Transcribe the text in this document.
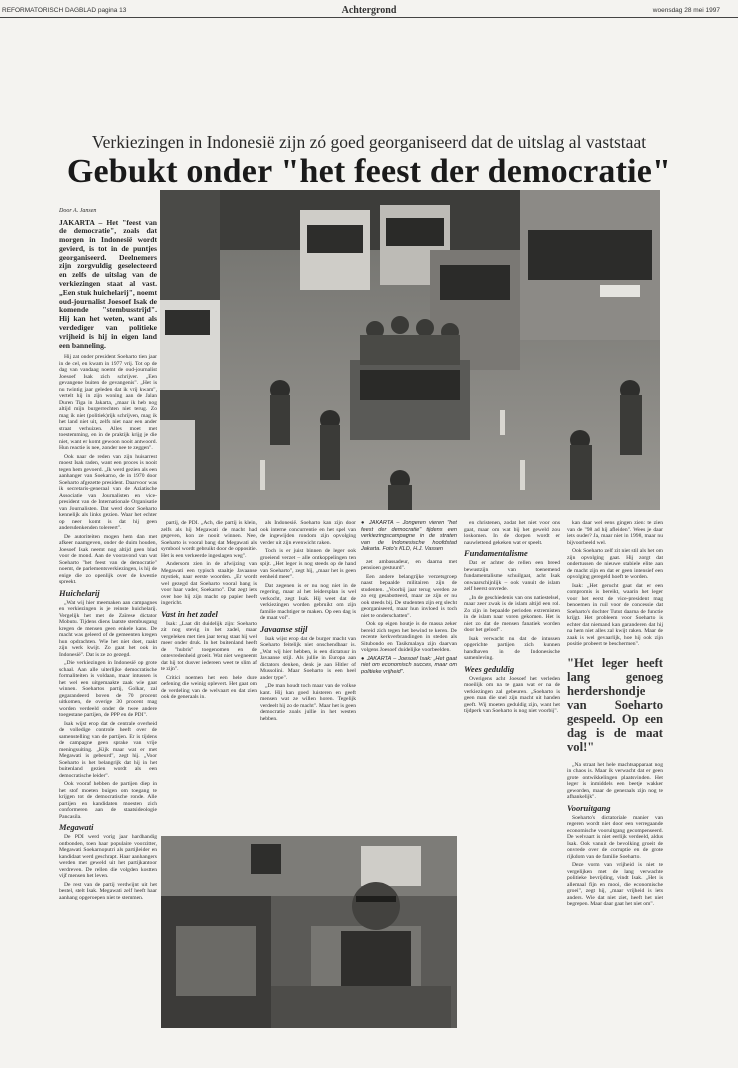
REFORMATORISCH DAGBLAD pagina 13	Achtergrond	woensdag 28 mei 1997
Verkiezingen in Indonesië zijn zó goed georganiseerd dat de uitslag al vaststaat
Gebukt onder "het feest der democratie"
Door A. Jansen
JAKARTA – Het "feest van de democratie", zoals dat morgen in Indonesië wordt gevierd, is tot in de puntjes georganiseerd. Deelnemers zijn zorgvuldig geselecteerd en zelfs de uitslag van de verkiezingen staat al vast. „Een stuk huichelarij", noemt oud-journalist Joesoef Isak de komende "stembusstrijd". Hij kan het weten, want als verdediger van politieke vrijheid is hij in eigen land een banneling.

Hij zat onder president Soeharto tien jaar in de cel, en kwam in 1977 vrij. Tot op de dag van vandaag noemt de oud-journalist Joesoef Isak zich schrijver. „Een gevangene buiten de gevangenis". „Het is nu twintig jaar geleden dat ik vrij kwam", vertelt hij in zijn woning aan de Jalan Duren Tiga in Jakarta, „maar ik heb nog altijd mijn burgerrechten niet terug. Zo mag ik niet (politiek)rijk schrijven, mag ik het land niet uit, zelfs niet naar een ander straat verhuizen. Alles moet met toestemming, en in de praktijk krijg je die niet, want er komt gewoon nooit antwoord. Hun reactie is nee, zonder nee te zeggen".

Ook naar de reden van zijn huisarrest moest Isak raden, want een proces is nooit tegen hem gevoerd. „Ik werd gezien als een aanhanger van Soekarno, de in 1970 door Soeharto afgezette president. Daarvoor was ik secretaris-generaal van de Aziatische Associatie van Journalisten en vice-president van de Internationale Organisatie van Journalisten. Dat werd door Soeharto kennelijk als links gezien. Waar het echter op neer komt is dat hij geen andersdenkenden tolereert".

De autoriteiten mogen hem dan met afkeer naamgeven, onder de duim houden, Joesoef Isak neemt nog altijd geen blad voor de mond. Aan de vooravond van wat Soeharto "het feest van de democratie" noemt, de parlementsverkiezingen, is hij de enige die zo openlijk over de kwestie spreekt.

Huichelarij

„Wat wij hier meemaken aan campagnes en verkiezingen is je reinste huichelarij. Vergelijk het met de Zaïrese dictator Mobutu. Tijdens diens laatste stembusgang kregen de mensen geen enkele kans. De macht was geleerd of de gemeenten kregen hun opdrachten. Wie het niet doet, raakt zijn werk kwijt. Zo gaat het ook in Indonesië". Dat is ze zo gezegd.

„Die verkiezingen in Indonesië op grote schaal. Aan alle uiterlijke democratische formaliteiten is voldaan, maar intussen is het wel een uitgemaakte zaak wie gaat winnen. Soehartos partij, Golkar, zal gegarandeerd boven de 70 procent uitkomen, de overige 30 procent mag worden verdeeld onder de twee andere toegestane partijen, de PPP en de PDI".

Isak wijst erop dat de centrale overheid de volledige controle heeft over de samenstelling van de partijen. Er is tijdens de campagne geen sprake van vrije meningsuiting. „Kijk maar wat er met Megawati is gebeurd", zegt hij. „Voor Soeharto is het belangrijk dat hij in het buitenland gezien wordt als een democratische leider".

Ook vooraf hebben de partijen diep in het stof moeten buigen om toegang te krijgen tot de democratische ronde. Alle partijen en kandidaten moesten zich conformeren aan de staatsideologie Pancasila.

Megawati

De PDI werd vorig jaar hardhandig ontbonden, toen haar populaire voorzitter, Megawati Soekarnoputri als partijleider en kandidaat werd geschrapt. Haar aanhangers werden met geweld uit het partijkantoor verdreven. De rellen die volgden kostten vijf mensen het leven.

De rest van de partij verdwijnt uit het bestel, stelt Isak. Megawati zelf heeft haar aanhang opgeroepen niet te stemmen.

partij, de PDI. „Ach, die partij is klein, zelfs als hij Megawati de macht had gegeven, kon ze nooit winnen. Nee, Soeharto is vooral bang dat Megawati als symbool wordt gebruikt door de oppositie. Het is een verkeerde ingeslagen weg".

Andersom zien in de afwijzing van Megawati een typisch staaltje Javaanse mystiek, naar eerste woorden. „Er wordt wel gezegd dat Soeharto vooral bang is voor haar vader, Soekarno". Dat zegt iets over hoe hij zijn macht op papier heeft ingericht.

Vast in het zadel

Isak: „Laat dit duidelijk zijn: Soeharto zit nog stevig in het zadel, maar vergeleken met tien jaar terug staat hij wel meer onder druk. In het buitenland heeft de "hubris" toegenomen en de ontevredenheid groeit. Wat niet wegneemt dat hij tot dusver iedereen weet te slim af te zijn".

Critici noemen het een hele dure oefening die weinig oplevert. Het gaat om de verdeling van de welvaart en dat zien ook de generaals in.

als Indonesië. Soeharto kan zijn door ook interne concurrentie en het spel van de ingewijden rondom zijn opvolging verder uit zijn evenwicht raken.

Toch is er juist binnen de leger ook groeiend verzet – alle ontkoppelingen ten spijt. „Het leger is nog steeds op de hand van Soeharto", zegt hij, „maar het is geen eenheid meer".

Dat zegenen is er nu nog niet in de regering, maar al het leidersplan is wel verkocht, zegt Isak. Hij weet dat de verkiezingen worden gebruikt om zijn familie machtiger te maken. Op een dag is de maat vol".

Javaanse stijl

Isak wijst erop dat de burger macht van Soeharto feitelijk niet onschendbaar is. „Wat wij hier hebben, is een dictatuur in Javaanse stijl. Als jullie in Europa aan dictators denken, denk je aan Hitler of Mussolini. Maar Soeharto is een heel ander type".

„De man houdt toch maar van de volkse kant. Hij kan goed luisteren en geeft mensen wat ze willen horen. Tegelijk verdeelt hij zo de macht". Maar het is geen democratie zoals jullie in het westen hebben.

● JAKARTA – Jongeren vieren "het feest der democratie" tijdens een verkiezingscampagne in de straten van de Indonesische hoofdstad Jakarta. Foto's KLD, H.J. Vassen

zet ambassadeur, en daarna met pensioen gestuurd".

Een andere belangrijke verzetsgroep naast bepaalde militairen zijn de studenten. „Voorbij jaar terug werden ze zo erg gesabotteerd, maar ze zijn er nu ook steeds bij. De studenten zijn erg slecht georganiseerd, maar hun invloed is toch niet te onderschatten".

Ook op eigen houtje is de massa zeker bereid zich tegen het bewind te keren. De recente kerkverbrandingen in steden als Situbondo en Tasikmalaya zijn daarvan volgens Joesoef duidelijke voorbeelden.

● JAKARTA – Joesoef Isak: „Het gaat niet om economisch succes, maar om politieke vrijheid".

en christenen, zodat het niet voor ons gaat, maar om wat bij het geweld zou loskomen. In de dorpen wordt er nauwlettend gekeken wat er speelt.

Fundamentalisme

Dat er achter de rellen een breed bewustzijn van toenemend fundamentalisme schuilgaat, acht Isak onwaarschijnlijk – ook vanuit de islam zelf heerst onvrede.

„In de geschiedenis van ons natiestelsel, maar zeer zwak is de islam altijd een rol. Zo zijn in bepaalde perioden extremisten in de islam naar voren gekomen. Het is niet zo dat de mensen fanatiek worden door het geloof".

Isak verwacht nu dat de intussen opgerichte partijen zich kunnen handhaven in de Indonesische samenleving.

Wees geduldig

Overigens acht Joesoef het verleden moeilijk om na te gaan wat er na de verkiezingen zal gebeuren. „Soeharto is geen man die snel zijn macht uit handen geeft. Wij moeten geduldig zijn, want het tijdperk van Soeharto is nog niet voorbij".

kan daar wel eens gingen zien: te zien van de "98 ad hij afleiden". Wees je daar iets ouder? Ja, maar niet in 1998, maar nu bijvoorbeeld wel.

Ook Soeharto zelf zit niet stil als het om zijn opvolging gaat. Hij zorgt dat ondertussen de nieuwe stabiele elite aan de macht zijn en dat er geen intensief een opvolging geregeld hoeft te worden.

Isak: „Het gerucht gaat dat er een compromis is bereikt, waarin het leger voor het eerst de vice-president mag benoemen in ruil voor de concessie dat Soeharto's dochter Tutut daarna de functie krijgt. Het probleem voor Soeharto is echter dat niemand kan garanderen dat hij na hem niet alles zal kwijt raken. Maar de zaak is wel gevaarlijk, hoe hij ook zijn positie probeert te beschermen".

"Het leger heeft lang genoeg herdershondje van Soeharto gespeeld. Op een dag is de maat vol!"

„Na straat het hele machtsapparaat nog in chaos is. Maar ik verwacht dat er geen grote ontwikkelingen plaatsvinden. Het leger is inmiddels een beetje wakker geworden, maar de generaals zijn nog te afhankelijk".

Vooruitgang

Soeharto's dictatoriale manier van regeren wordt niet door een verregaande economische vooruitgang gecompenseerd. De welvaart is niet eerlijk verdeeld, aldus Isak. Ook vanuit de bevolking groeit de onvrede over de corruptie en de grote rijkdom van de familie Soeharto.

Deze vorm van vrijheid is niet te vergelijken met de lang verwachte politieke bevrijding, vindt Isak. „Het is allemaal fijn en mooi, die economische groei", zegt hij, „maar vrijheid is iets anders. Wie dat niet ziet, heeft het niet begrepen. Maar daar gaat het niet om".
